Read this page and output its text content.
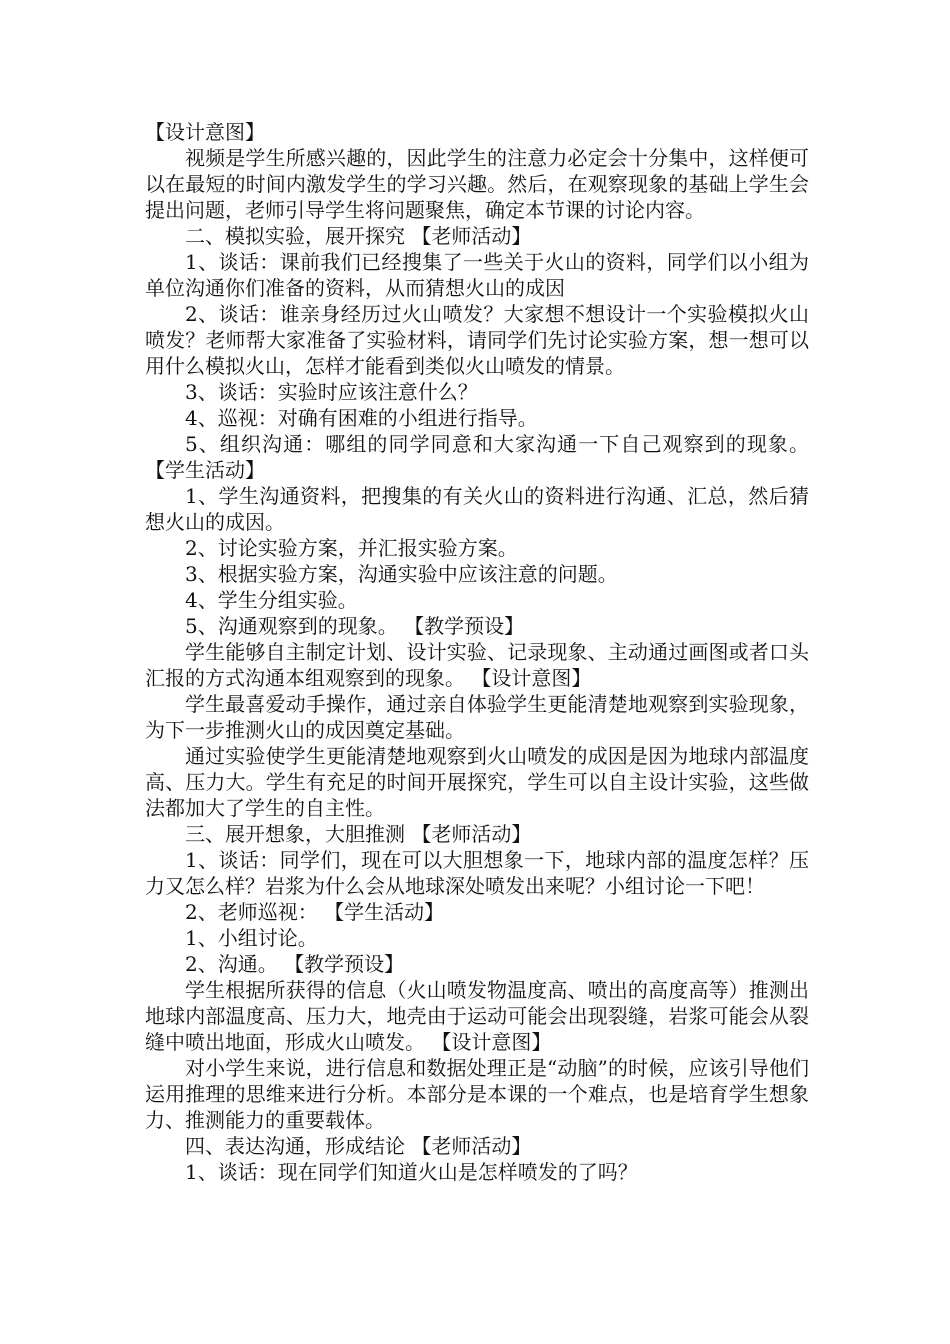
【设计意图】

视频是学生所感兴趣的，因此学生的注意力必定会十分集中，这样便可以在最短的时间内激发学生的学习兴趣。然后，在观察现象的基础上学生会提出问题，老师引导学生将问题聚焦，确定本节课的讨论内容。

二、模拟实验，展开探究 【老师活动】

1、谈话：课前我们已经搜集了一些关于火山的资料，同学们以小组为单位沟通你们准备的资料，从而猜想火山的成因

2、谈话：谁亲身经历过火山喷发？大家想不想设计一个实验模拟火山喷发？老师帮大家准备了实验材料，请同学们先讨论实验方案，想一想可以用什么模拟火山，怎样才能看到类似火山喷发的情景。

3、谈话：实验时应该注意什么？

4、巡视：对确有困难的小组进行指导。

5、组织沟通：哪组的同学同意和大家沟通一下自己观察到的现象。 【学生活动】

1、学生沟通资料，把搜集的有关火山的资料进行沟通、汇总，然后猜想火山的成因。

2、讨论实验方案，并汇报实验方案。

3、根据实验方案，沟通实验中应该注意的问题。

4、学生分组实验。

5、沟通观察到的现象。 【教学预设】

学生能够自主制定计划、设计实验、记录现象、主动通过画图或者口头汇报的方式沟通本组观察到的现象。 【设计意图】

学生最喜爱动手操作，通过亲自体验学生更能清楚地观察到实验现象，为下一步推测火山的成因奠定基础。

通过实验使学生更能清楚地观察到火山喷发的成因是因为地球内部温度高、压力大。学生有充足的时间开展探究，学生可以自主设计实验，这些做法都加大了学生的自主性。

三、展开想象，大胆推测 【老师活动】

1、谈话：同学们，现在可以大胆想象一下，地球内部的温度怎样？压力又怎么样？岩浆为什么会从地球深处喷发出来呢？小组讨论一下吧！

2、老师巡视： 【学生活动】

1、小组讨论。

2、沟通。 【教学预设】

学生根据所获得的信息（火山喷发物温度高、喷出的高度高等）推测出地球内部温度高、压力大，地壳由于运动可能会出现裂缝，岩浆可能会从裂缝中喷出地面，形成火山喷发。 【设计意图】

对小学生来说，进行信息和数据处理正是“动脑”的时候，应该引导他们运用推理的思维来进行分析。本部分是本课的一个难点，也是培育学生想象力、推测能力的重要载体。

四、表达沟通，形成结论 【老师活动】

1、谈话：现在同学们知道火山是怎样喷发的了吗？
